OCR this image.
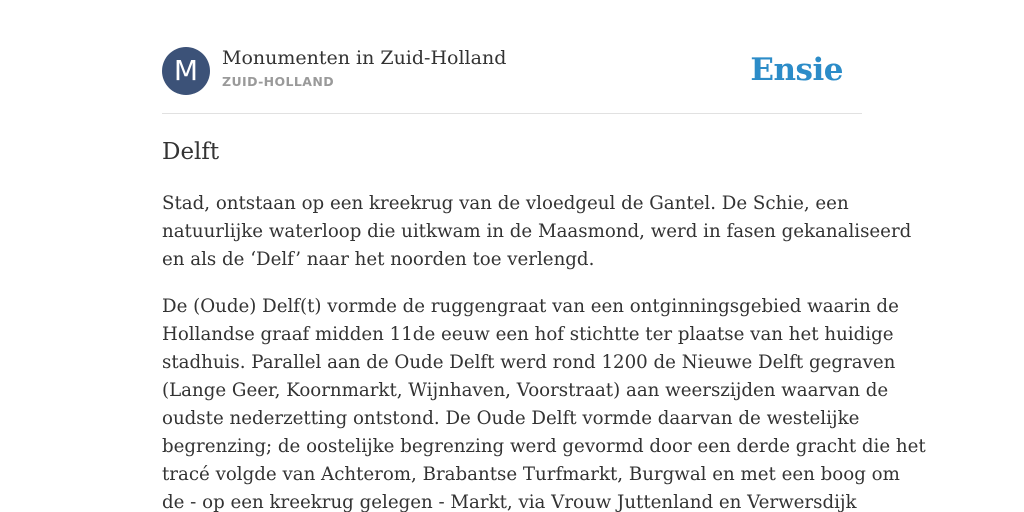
M	Monumenten in Zuid-Holland
ZUID-HOLLAND	Ensie
Delft

Stad, ontstaan op een kreekrug van de vloedgeul de Gantel. De Schie, een
natuurlijke waterloop die uitkwam in de Maasmond, werd in fasen gekanaliseerd
en als de ‘Delf’ naar het noorden toe verlengd.

De (Oude) Delf(t) vormde de ruggengraat van een ontginningsgebied waarin de
Hollandse graaf midden 11de eeuw een hof stichtte ter plaatse van het huidige
stadhuis. Parallel aan de Oude Delft werd rond 1200 de Nieuwe Delft gegraven
(Lange Geer, Koornmarkt, Wijnhaven, Voorstraat) aan weerszijden waarvan de
oudste nederzetting ontstond. De Oude Delft vormde daarvan de westelijke
begrenzing; de oostelijke begrenzing werd gevormd door een derde gracht die het
tracé volgde van Achterom, Brabantse Turfmarkt, Burgwal en met een boog om
de - op een kreekrug gelegen - Markt, via Vrouw Juttenland en Verwersdijk
